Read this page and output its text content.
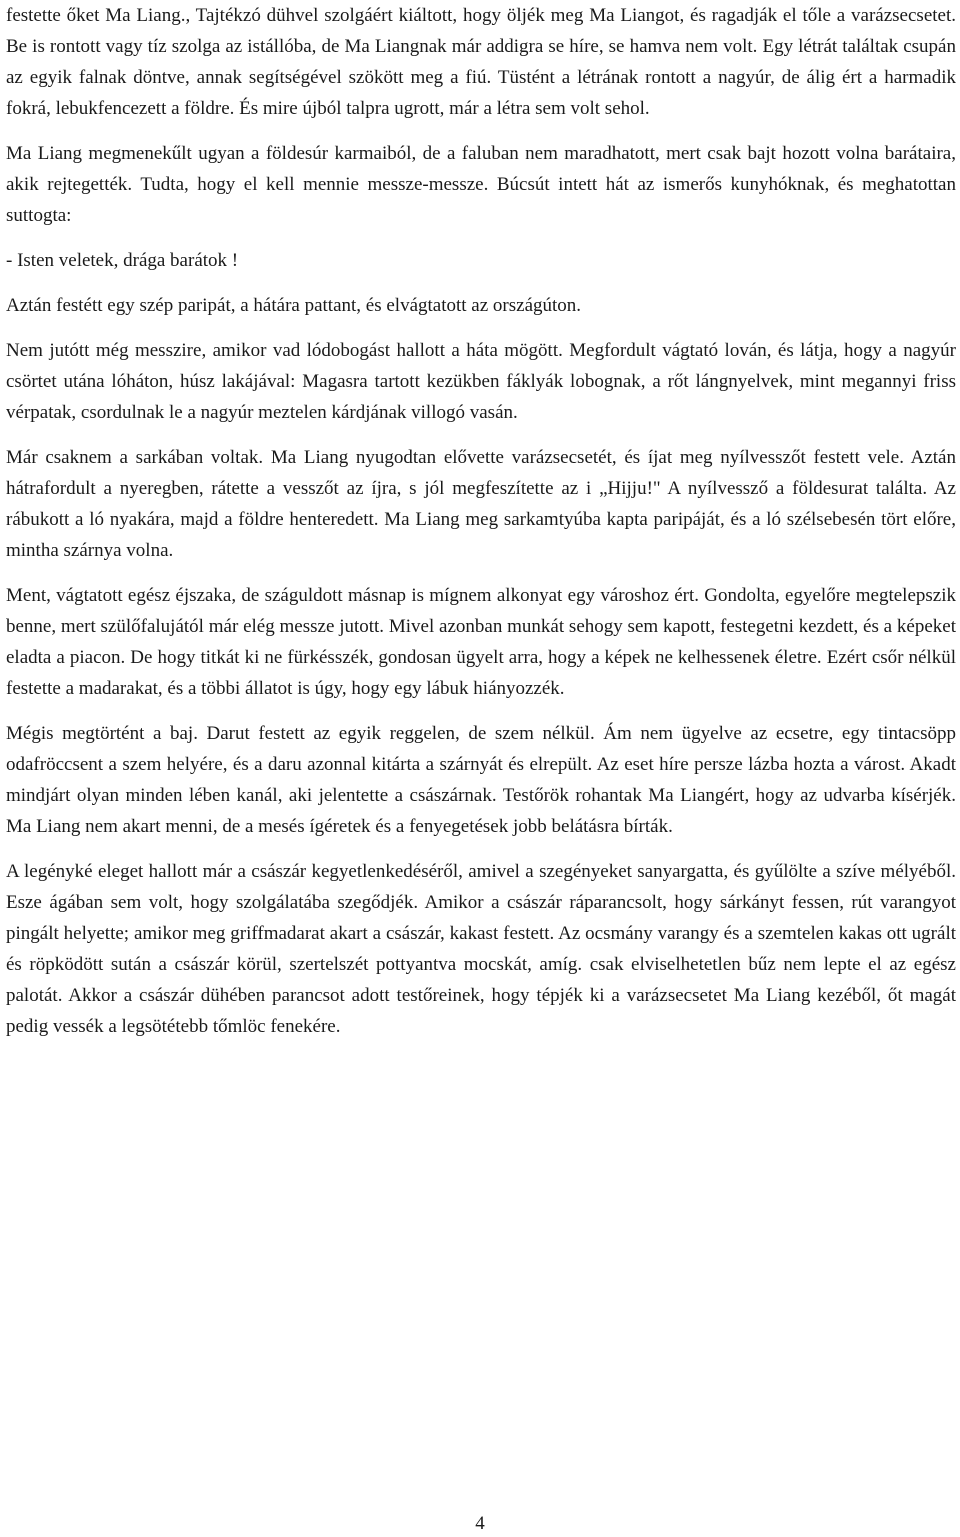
festette őket Ma Liang., Tajtékzó dühvel szolgáért kiáltott, hogy öljék meg Ma Liangot, és ragadják el tőle a varázsecsetet. Be is rontott vagy tíz szolga az istállóba, de Ma Liangnak már addigra se híre, se hamva nem volt. Egy létrát találtak csupán az egyik falnak döntve, annak segítségével szökött meg a fiú. Tüstént a létrának rontott a nagyúr, de álig ért a harmadik fokrá, lebukfencezett a földre. És mire újból talpra ugrott, már a létra sem volt sehol.

Ma Liang megmenekűlt ugyan a földesúr karmaiból, de a faluban nem maradhatott, mert csak bajt hozott volna barátaira, akik rejtegették. Tudta, hogy el kell mennie messze-messze. Búcsút intett hát az ismerős kunyhóknak, és meghatottan suttogta:

- Isten veletek, drága barátok !

Aztán festétt egy szép paripát, a hátára pattant, és elvágtatott az országúton.

Nem jutótt még messzire, amikor vad lódobogást hallott a háta mögött. Megfordult vágtató lován, és látja, hogy a nagyúr csörtet utána lóháton, húsz lakájával: Magasra tartott kezükben fáklyák lobognak, a rőt lángnyelvek, mint megannyi friss vérpatak, csordulnak le a nagyúr meztelen kárdjának villogó vasán.

Már csaknem a sarkában voltak. Ma Liang nyugodtan elővette varázsecsetét, és íjat meg nyílvesszőt festett vele. Aztán hátrafordult a nyeregben, rátette a vesszőt az íjra, s jól megfeszítette az i „Hijju!" A nyílvessző a földesurat találta. Az rábukott a ló nyakára, majd a földre henteredett. Ma Liang meg sarkamtyúba kapta paripáját, és a ló szélsebesén tört előre, mintha szárnya volna.

Ment, vágtatott egész éjszaka, de száguldott másnap is mígnem alkonyat egy városhoz ért. Gondolta, egyelőre megtelepszik benne, mert szülőfalujától már elég messze jutott. Mivel azonban munkát sehogy sem kapott, festegetni kezdett, és a képeket eladta a piacon. De hogy titkát ki ne fürkésszék, gondosan ügyelt arra, hogy a képek ne kelhessenek életre. Ezért csőr nélkül festette a madarakat, és a többi állatot is úgy, hogy egy lábuk hiányozzék.

Mégis megtörtént a baj. Darut festett az egyik reggelen, de szem nélkül. Ám nem ügyelve az ecsetre, egy tintacsöpp odafröccsent a szem helyére, és a daru azonnal kitárta a szárnyát és elrepült. Az eset híre persze lázba hozta a várost. Akadt mindjárt olyan minden lében kanál, aki jelentette a császárnak. Testőrök rohantak Ma Liangért, hogy az udvarba kísérjék. Ma Liang nem akart menni, de a mesés ígéretek és a fenyegetések jobb belátásra bírták.

A legényké eleget hallott már a császár kegyetlenkedéséről, amivel a szegényeket sanyargatta, és gyűlölte a szíve mélyéből. Esze ágában sem volt, hogy szolgálatába szegődjék. Amikor a császár ráparancsolt, hogy sárkányt fessen, rút varangyot pingált helyette; amikor meg griffmadarat akart a császár, kakast festett. Az ocsmány varangy és a szemtelen kakas ott ugrált és röpködött sután a császár körül, szertelszét pottyantva mocskát, amíg. csak elviselhetetlen bűz nem lepte el az egész palotát. Akkor a császár dühében parancsot adott testőreinek, hogy tépjék ki a varázsecsetet Ma Liang kezéből, őt magát pedig vessék a legsötétebb tőmlöc fenekére.

4
